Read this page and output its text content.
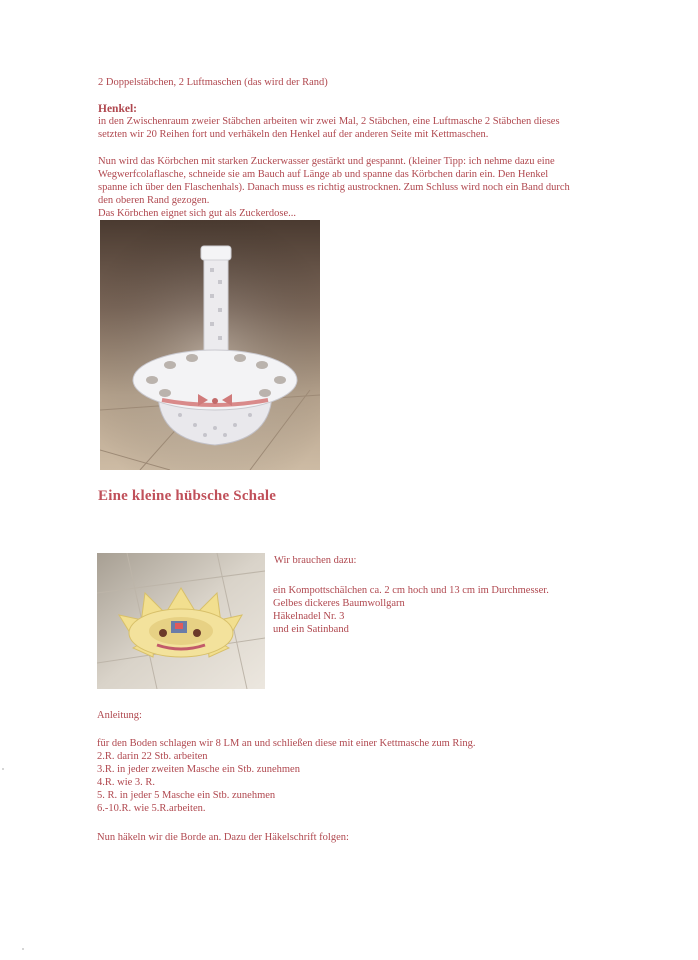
2 Doppelstäbchen, 2 Luftmaschen (das wird der Rand)

Henkel:

in den Zwischenraum zweier Stäbchen arbeiten wir zwei Mal, 2 Stäbchen, eine Luftmasche 2 Stäbchen dieses

setzten wir 20 Reihen fort und verhäkeln den Henkel auf der anderen Seite mit Kettmaschen.

Nun wird das Körbchen mit starken Zuckerwasser gestärkt und gespannt. (kleiner Tipp: ich nehme dazu eine

Wegwerfcolaflasche, schneide sie am Bauch auf Länge ab und spanne das Körbchen darin ein. Den Henkel

spanne ich über den Flaschenhals). Danach muss es richtig austrocknen. Zum Schluss wird noch ein Band durch

den oberen Rand gezogen.

Das Körbchen eignet sich gut als Zuckerdose...

Eine kleine hübsche Schale

Wir brauchen dazu:

ein Kompottschälchen ca. 2 cm hoch und 13 cm im Durchmesser.

Gelbes dickeres Baumwollgarn

Häkelnadel Nr. 3

und ein Satinband

Anleitung:

für den Boden schlagen wir 8 LM an und schließen diese mit einer Kettmasche zum Ring.

2.R. darin 22 Stb. arbeiten

3.R. in jeder zweiten Masche ein Stb. zunehmen

4.R. wie 3. R.

5. R. in jeder 5 Masche ein Stb. zunehmen

6.-10.R. wie 5.R.arbeiten.

Nun häkeln wir die Borde an. Dazu der Häkelschrift folgen:
